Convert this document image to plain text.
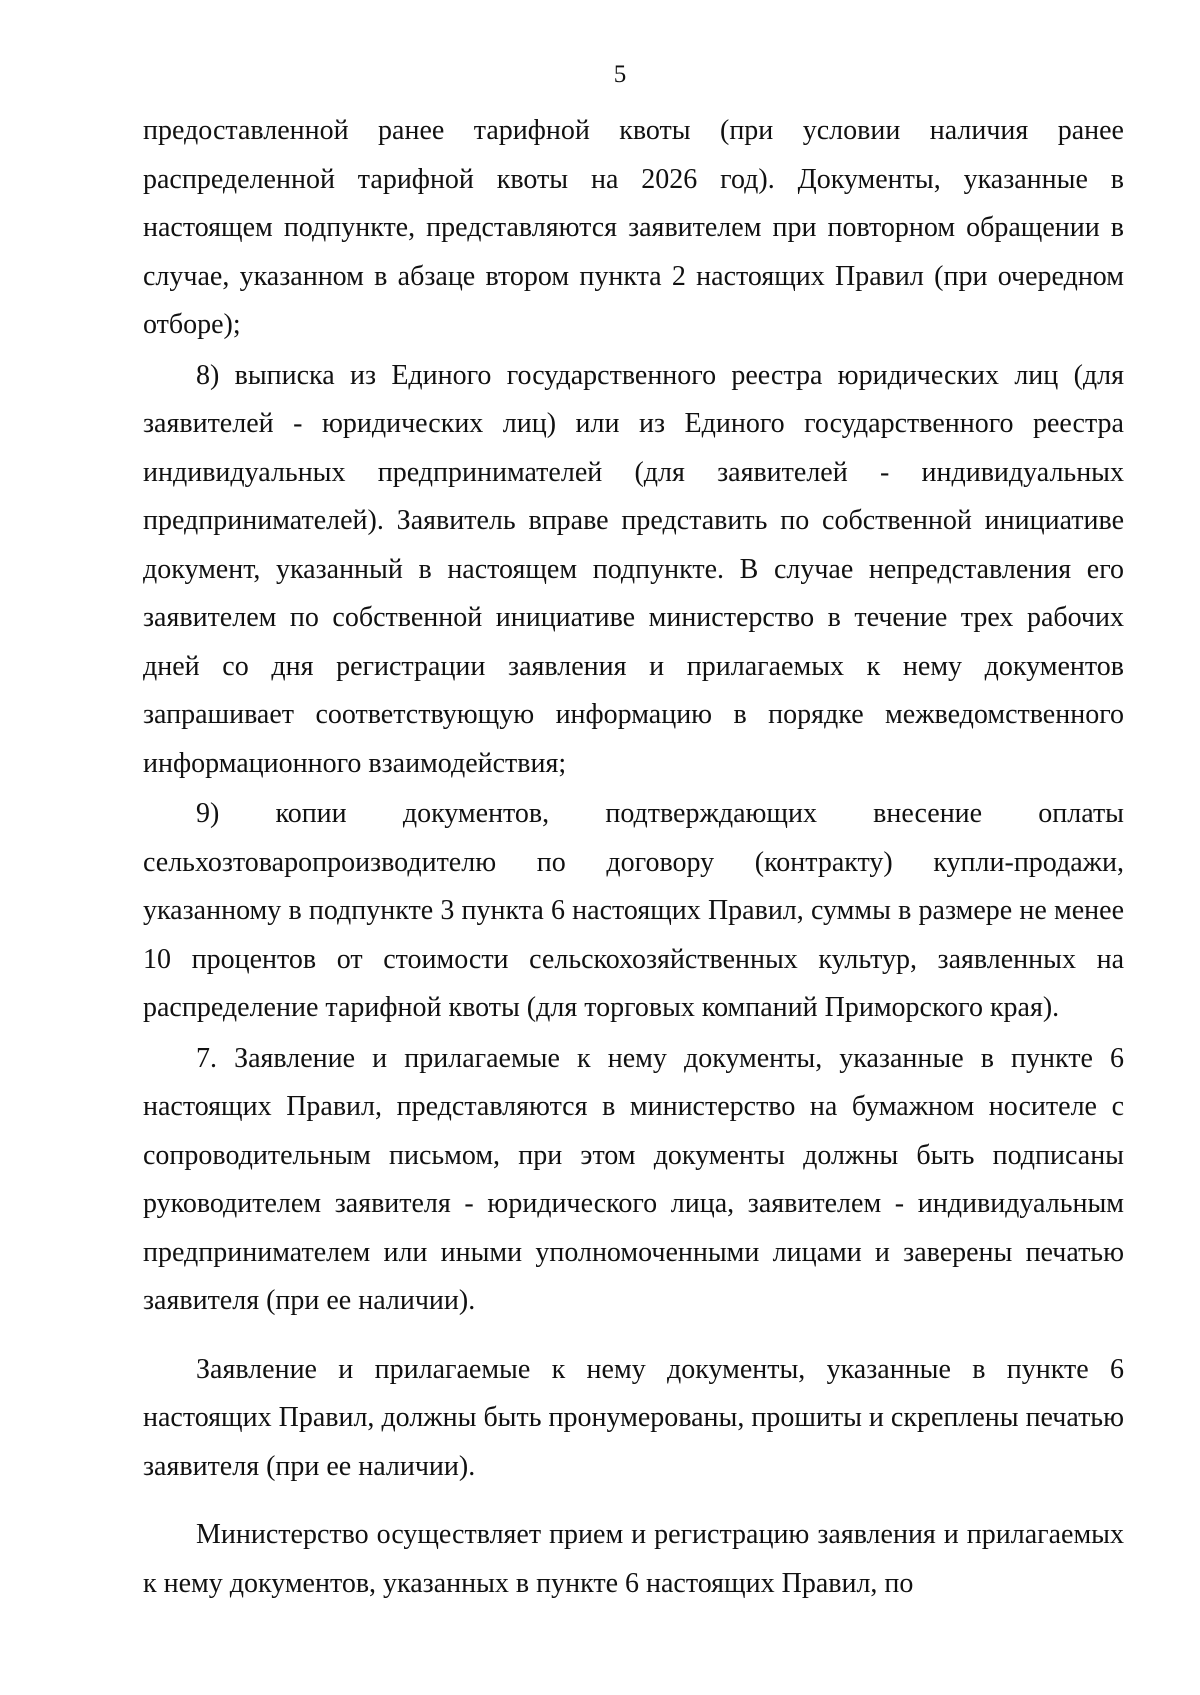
5

предоставленной ранее тарифной квоты (при условии наличия ранее распределенной тарифной квоты на 2026 год). Документы, указанные в настоящем подпункте, представляются заявителем при повторном обращении в случае, указанном в абзаце втором пункта 2 настоящих Правил (при очередном отборе);

8) выписка из Единого государственного реестра юридических лиц (для заявителей - юридических лиц) или из Единого государственного реестра индивидуальных предпринимателей (для заявителей - индивидуальных предпринимателей). Заявитель вправе представить по собственной инициативе документ, указанный в настоящем подпункте. В случае непредставления его заявителем по собственной инициативе министерство в течение трех рабочих дней со дня регистрации заявления и прилагаемых к нему документов запрашивает соответствующую информацию в порядке межведомственного информационного взаимодействия;

9) копии документов, подтверждающих внесение оплаты сельхозтоваропроизводителю по договору (контракту) купли-продажи, указанному в подпункте 3 пункта 6 настоящих Правил, суммы в размере не менее 10 процентов от стоимости сельскохозяйственных культур, заявленных на распределение тарифной квоты (для торговых компаний Приморского края).

7. Заявление и прилагаемые к нему документы, указанные в пункте 6 настоящих Правил, представляются в министерство на бумажном носителе с сопроводительным письмом, при этом документы должны быть подписаны руководителем заявителя - юридического лица, заявителем - индивидуальным предпринимателем или иными уполномоченными лицами и заверены печатью заявителя (при ее наличии).

Заявление и прилагаемые к нему документы, указанные в пункте 6 настоящих Правил, должны быть пронумерованы, прошиты и скреплены печатью заявителя (при ее наличии).

Министерство осуществляет прием и регистрацию заявления и прилагаемых к нему документов, указанных в пункте 6 настоящих Правил, по
